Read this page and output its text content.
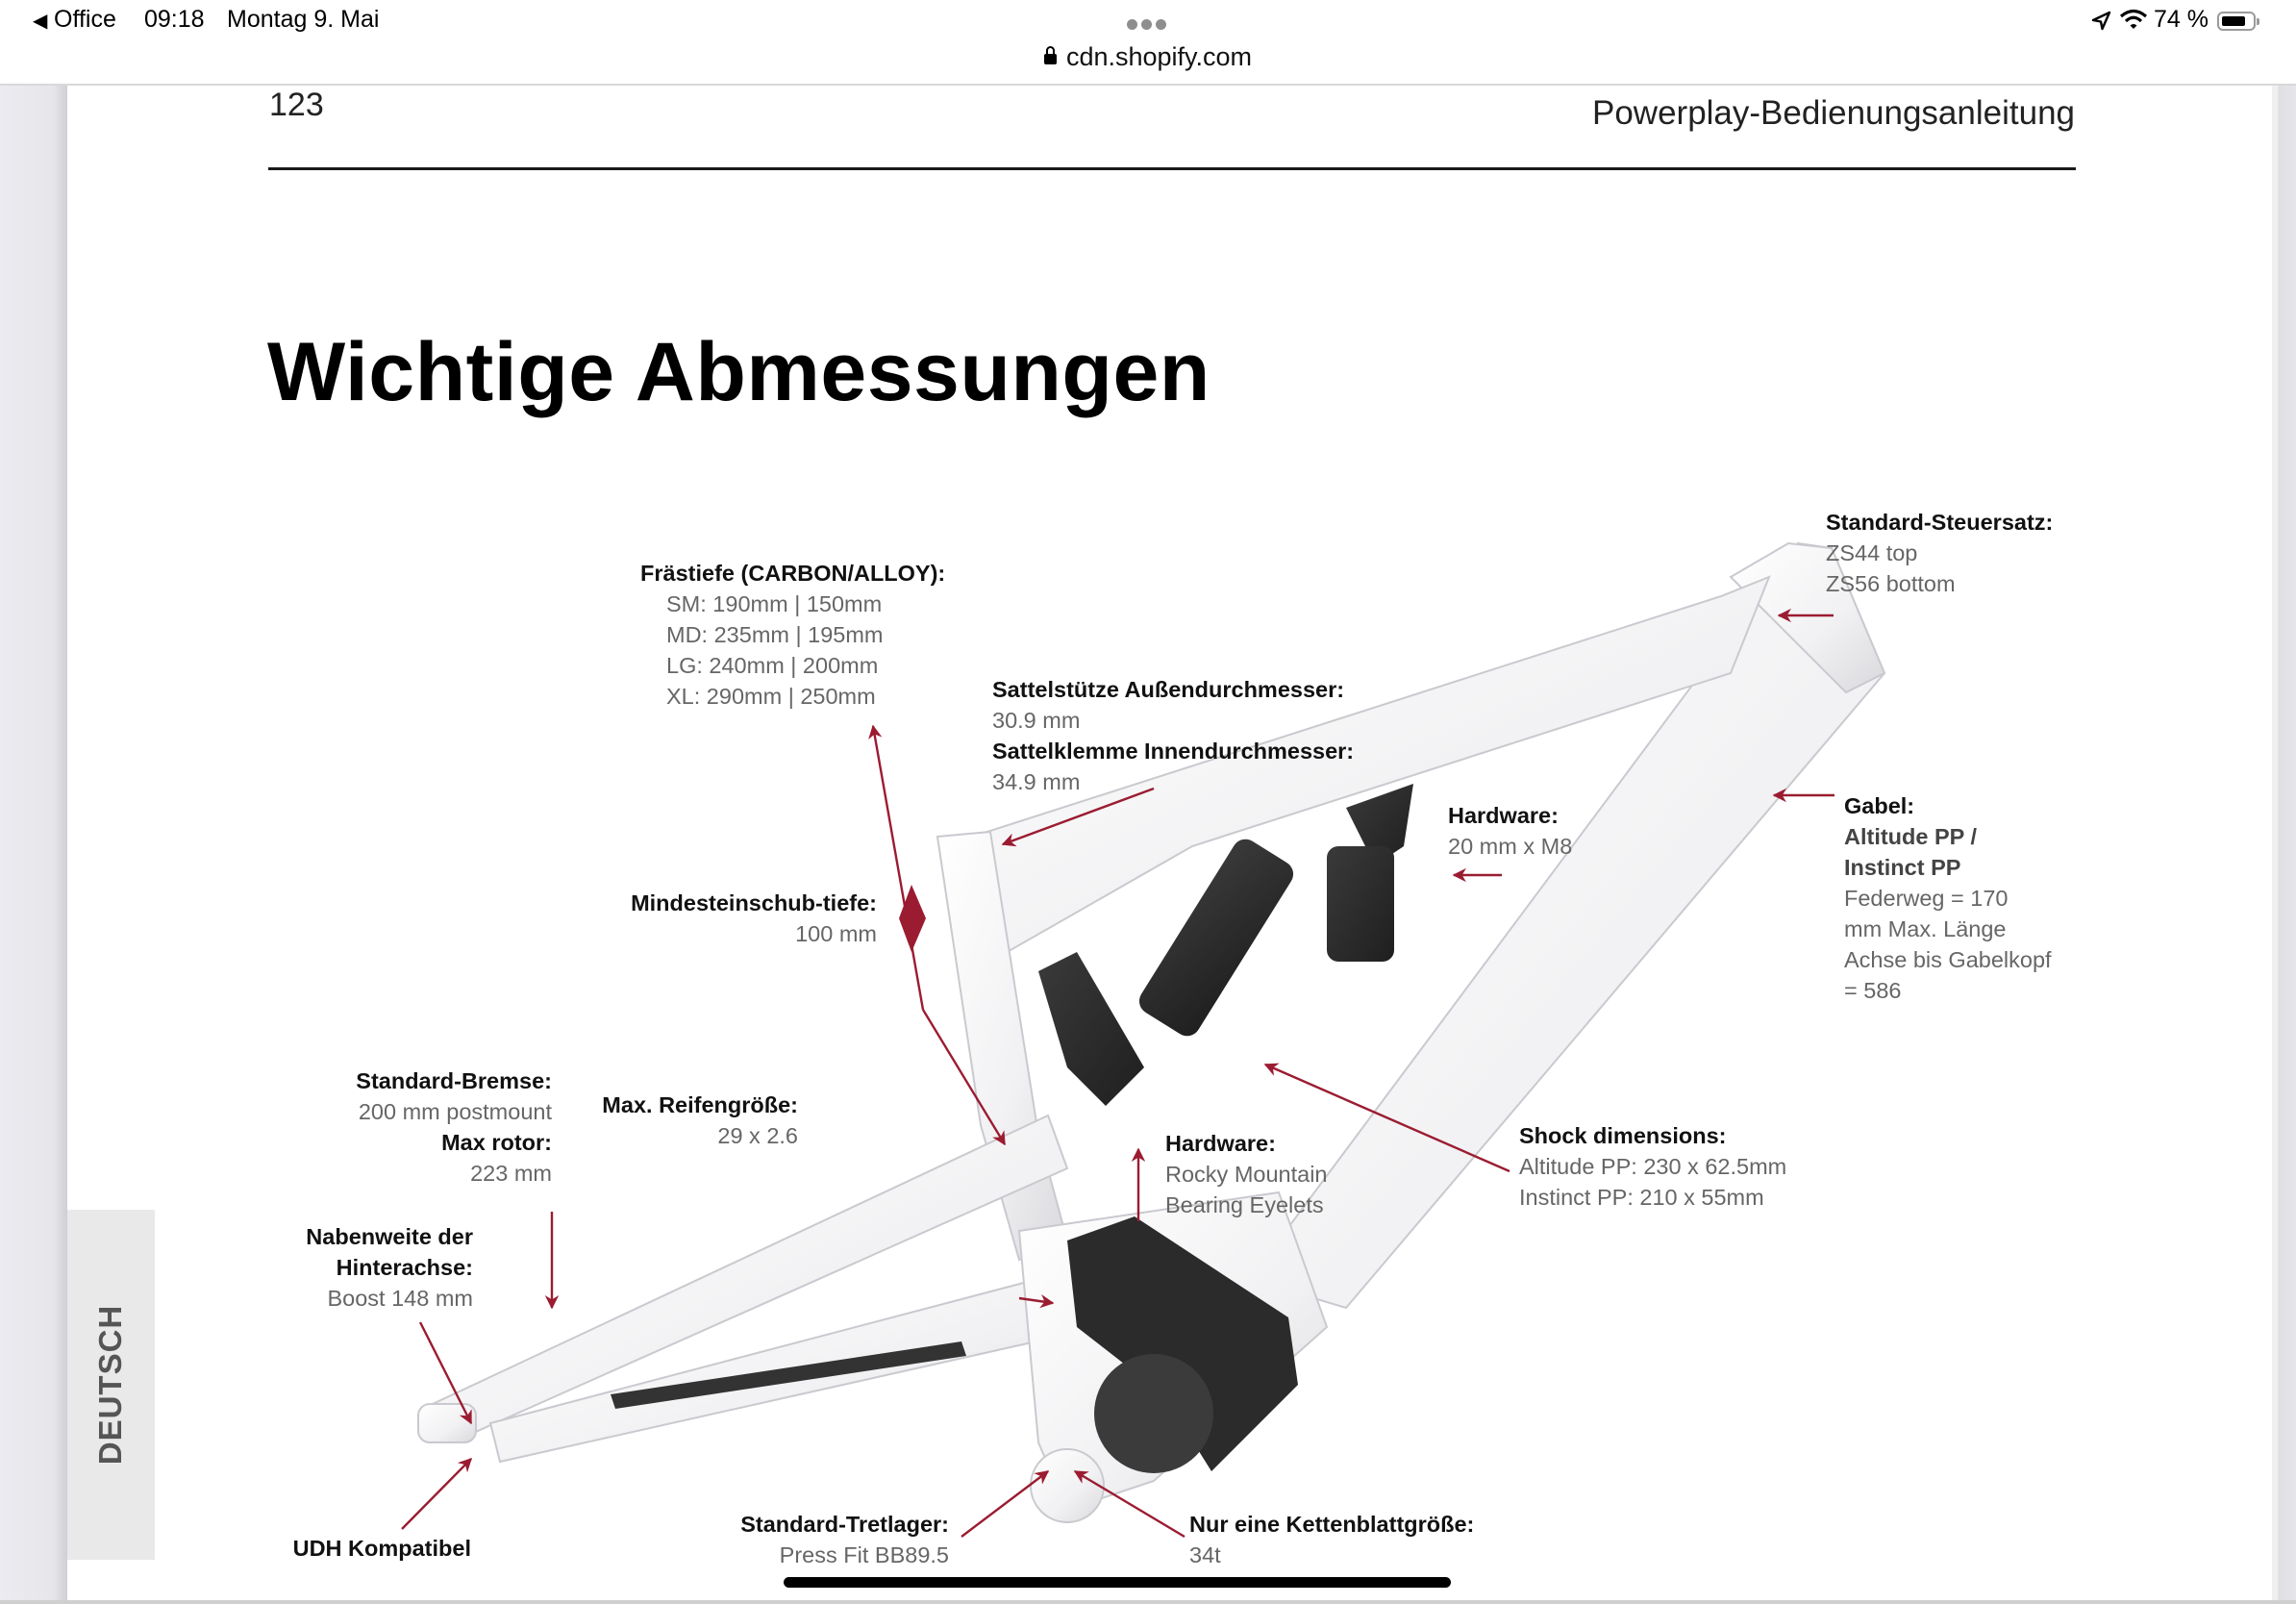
◀ Office 09:18 Montag 9. Mai
cdn.shopify.com
74 %
123	Powerplay-Bedienungsanleitung
Wichtige Abmessungen
DEUTSCH
Frästiefe (CARBON/ALLOY):
SM: 190mm | 150mm
MD: 235mm | 195mm
LG: 240mm | 200mm
XL: 290mm | 250mm	Sattelstütze Außendurchmesser:
30.9 mm
Sattelklemme Innendurchmesser:
34.9 mm
Standard-Steuersatz:
ZS44 top
ZS56 bottom
Hardware:
20 mm x M8
Gabel:
Altitude PP /
Instinct PP
Federweg = 170
mm Max. Länge
Achse bis Gabelkopf
= 586
Mindesteinschub-tiefe:
100 mm
Standard-Bremse:
200 mm postmount
Max rotor:
223 mm
Max. Reifengröße:
29 x 2.6	Hardware:
Rocky Mountain
Bearing Eyelets
Shock dimensions:
Altitude PP: 230 x 62.5mm
Instinct PP: 210 x 55mm
Nabenweite der
Hinterachse:
Boost 148 mm
UDH Kompatibel
Standard-Tretlager:
Press Fit BB89.5
Nur eine Kettenblattgröße:
34t
